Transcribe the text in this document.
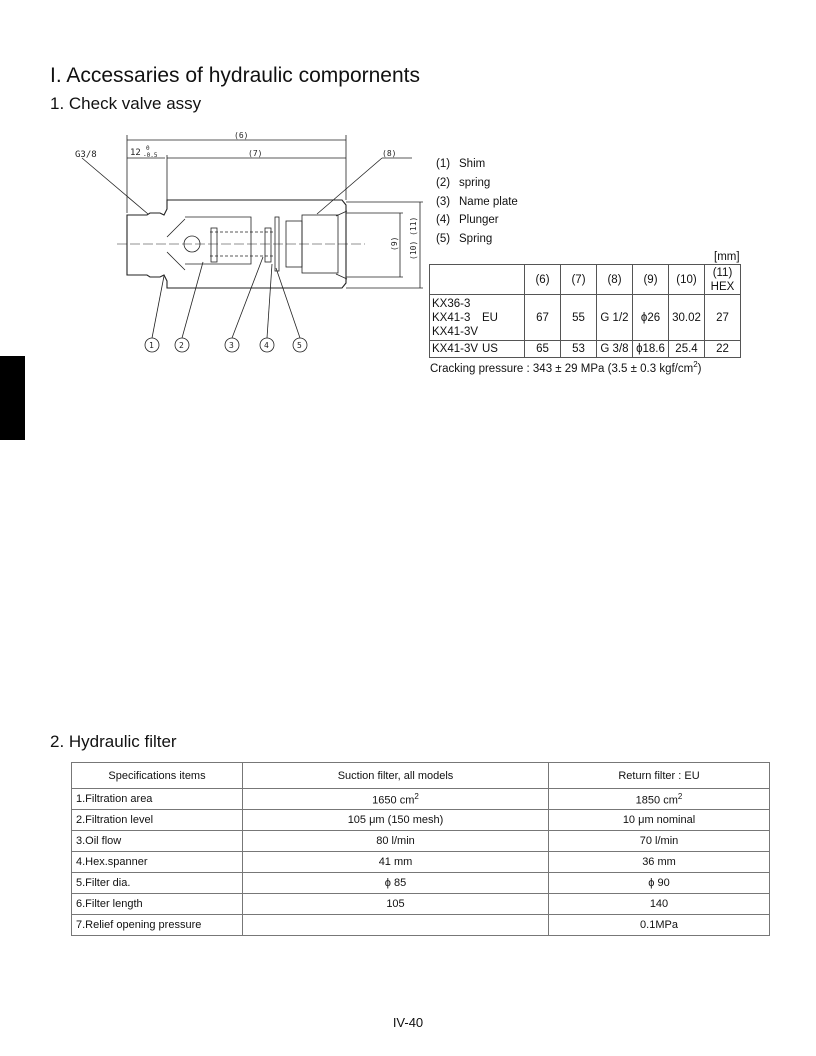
I. Accessaries of hydraulic compornents
1. Check valve assy
G3/8	12 0
-0.5
(6)
(7)	(8)
(9) (10) (11)
1	2	3	4	5
(1) Shim
(2) spring
(3) Name plate
(4) Plunger
(5) Spring
[mm]
	(6)	(7)	(8)	(9)	(10)	(11)
HEX

KX36-3
KX41-3 EU
KX41-3V	67	55	G 1/2	ϕ26	30.02	27
KX41-3V US	65	53	G 3/8	ϕ18.6	25.4	22
Cracking pressure : 343 ± 29 MPa (3.5 ± 0.3 kgf/$cm^2$)
2. Hydraulic filter
Specifications items	Suction filter, all models	Return filter : EU
1.Filtration area	1650 $cm^2$	1850 $cm^2$
2.Filtration level	105 μm (150 mesh)	10 μm nominal
3.Oil flow	80 l/min	70 l/min
4.Hex.spanner	41 mm	36 mm
5.Filter dia.	ϕ 85	ϕ 90
6.Filter length	105	140
7.Relief opening pressure		0.1MPa
IV-40
